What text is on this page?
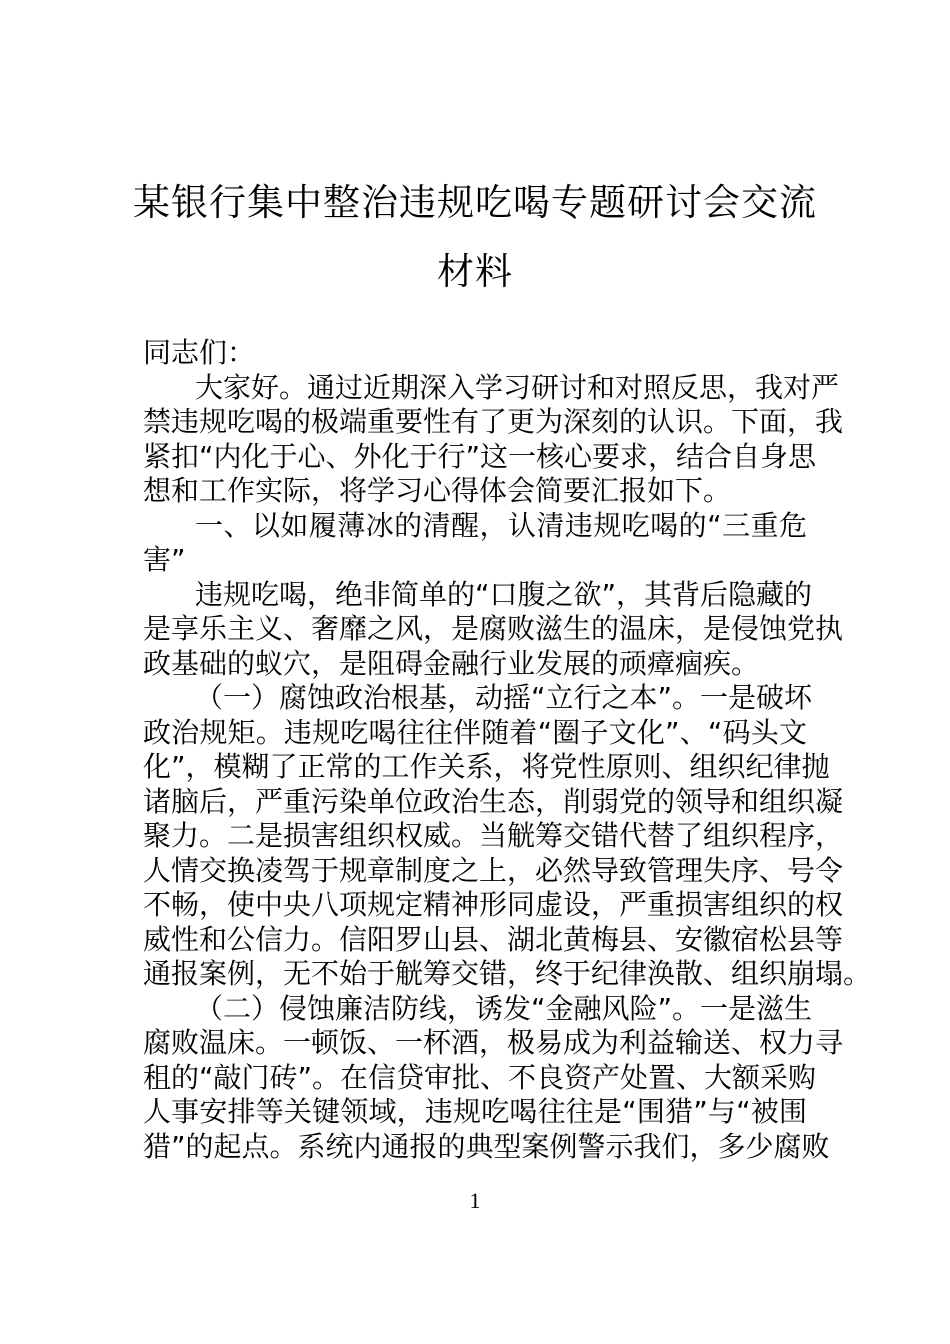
某银行集中整治违规吃喝专题研讨会交流
材料
同志们：
大家好。通过近期深入学习研讨和对照反思，我对严
禁违规吃喝的极端重要性有了更为深刻的认识。下面，我
紧扣“内化于心、外化于行”这一核心要求，结合自身思
想和工作实际，将学习心得体会简要汇报如下。
一、以如履薄冰的清醒，认清违规吃喝的“三重危
害”
违规吃喝，绝非简单的“口腹之欲”，其背后隐藏的
是享乐主义、奢靡之风，是腐败滋生的温床，是侵蚀党执
政基础的蚁穴，是阻碍金融行业发展的顽瘴痼疾。
（一）腐蚀政治根基，动摇“立行之本”。一是破坏
政治规矩。违规吃喝往往伴随着“圈子文化”、“码头文
化”，模糊了正常的工作关系，将党性原则、组织纪律抛
诸脑后，严重污染单位政治生态，削弱党的领导和组织凝
聚力。二是损害组织权威。当觥筹交错代替了组织程序，
人情交换凌驾于规章制度之上，必然导致管理失序、号令
不畅，使中央八项规定精神形同虚设，严重损害组织的权
威性和公信力。信阳罗山县、湖北黄梅县、安徽宿松县等
通报案例，无不始于觥筹交错，终于纪律涣散、组织崩塌。
（二）侵蚀廉洁防线，诱发“金融风险”。一是滋生
腐败温床。一顿饭、一杯酒，极易成为利益输送、权力寻
租的“敲门砖”。在信贷审批、不良资产处置、大额采购
人事安排等关键领域，违规吃喝往往是“围猎”与“被围
猎”的起点。系统内通报的典型案例警示我们，多少腐败
1
